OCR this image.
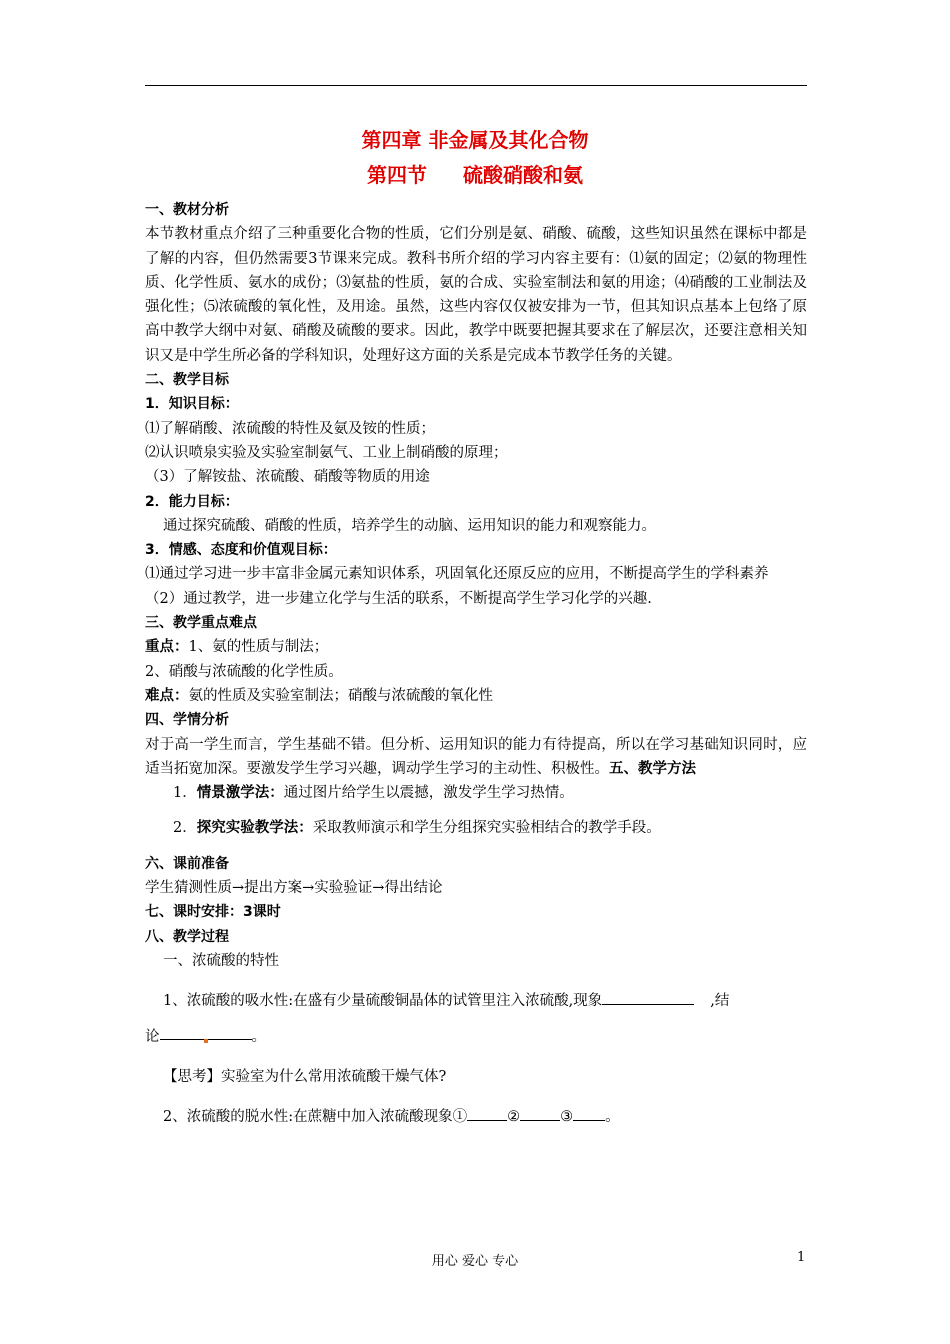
第四章 非金属及其化合物
第四节 硫酸硝酸和氨

一、教材分析

本节教材重点介绍了三种重要化合物的性质，它们分别是氨、硝酸、硫酸，这些知识虽然在课标中都是了解的内容，但仍然需要3节课来完成。教科书所介绍的学习内容主要有：⑴氨的固定；⑵氨的物理性质、化学性质、氨水的成份；⑶氨盐的性质，氨的合成、实验室制法和氨的用途；⑷硝酸的工业制法及强化性；⑸浓硫酸的氧化性，及用途。虽然，这些内容仅仅被安排为一节，但其知识点基本上包络了原高中教学大纲中对氨、硝酸及硫酸的要求。因此，教学中既要把握其要求在了解层次，还要注意相关知识又是中学生所必备的学科知识，处理好这方面的关系是完成本节教学任务的关键。

二、教学目标

1．知识目标：

⑴了解硝酸、浓硫酸的特性及氨及铵的性质；

⑵认识喷泉实验及实验室制氨气、工业上制硝酸的原理；

（3）了解铵盐、浓硫酸、硝酸等物质的用途

2．能力目标：

通过探究硫酸、硝酸的性质，培养学生的动脑、运用知识的能力和观察能力。

3．情感、态度和价值观目标：

⑴通过学习进一步丰富非金属元素知识体系，巩固氧化还原反应的应用，不断提高学生的学科素养

（2）通过教学，进一步建立化学与生活的联系，不断提高学生学习化学的兴趣.

三、教学重点难点

重点：1、氨的性质与制法；

2、硝酸与浓硫酸的化学性质。

难点：氨的性质及实验室制法；硝酸与浓硫酸的氧化性

四、学情分析

对于高一学生而言，学生基础不错。但分析、运用知识的能力有待提高，所以在学习基础知识同时，应适当拓宽加深。要激发学生学习兴趣，调动学生学习的主动性、积极性。五、教学方法

1．情景激学法：通过图片给学生以震撼，激发学生学习热情。

2．探究实验教学法：采取教师演示和学生分组探究实验相结合的教学手段。

六、课前准备

学生猜测性质→提出方案→实验验证→得出结论

七、课时安排：3课时

八、教学过程

一、浓硫酸的特性

1、浓硫酸的吸水性:在盛有少量硫酸铜晶体的试管里注入浓硫酸,现象	,结

论	。

【思考】实验室为什么常用浓硫酸干燥气体?

2、浓硫酸的脱水性:在蔗糖中加入浓硫酸现象①	②	③ 。

用心 爱心 专心	1
